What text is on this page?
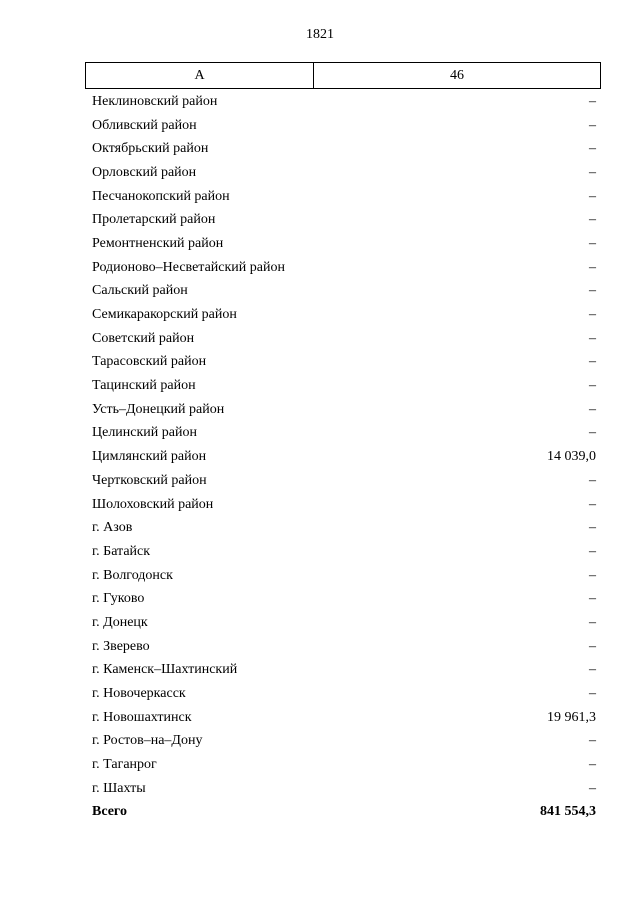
1821
А	46
Неклиновский район	–
Обливский район	–
Октябрьский район	–
Орловский район	–
Песчанокопский район	–
Пролетарский район	–
Ремонтненский район	–
Родионово–Несветайский район	–
Сальский район	–
Семикаракорский район	–
Советский район	–
Тарасовский район	–
Тацинский район	–
Усть–Донецкий район	–
Целинский район	–
Цимлянский район	14 039,0
Чертковский район	–
Шолоховский район	–
г. Азов	–
г. Батайск	–
г. Волгодонск	–
г. Гуково	–
г. Донецк	–
г. Зверево	–
г. Каменск–Шахтинский	–
г. Новочеркасск	–
г. Новошахтинск	19 961,3
г. Ростов–на–Дону	–
г. Таганрог	–
г. Шахты	–
Всего	841 554,3
